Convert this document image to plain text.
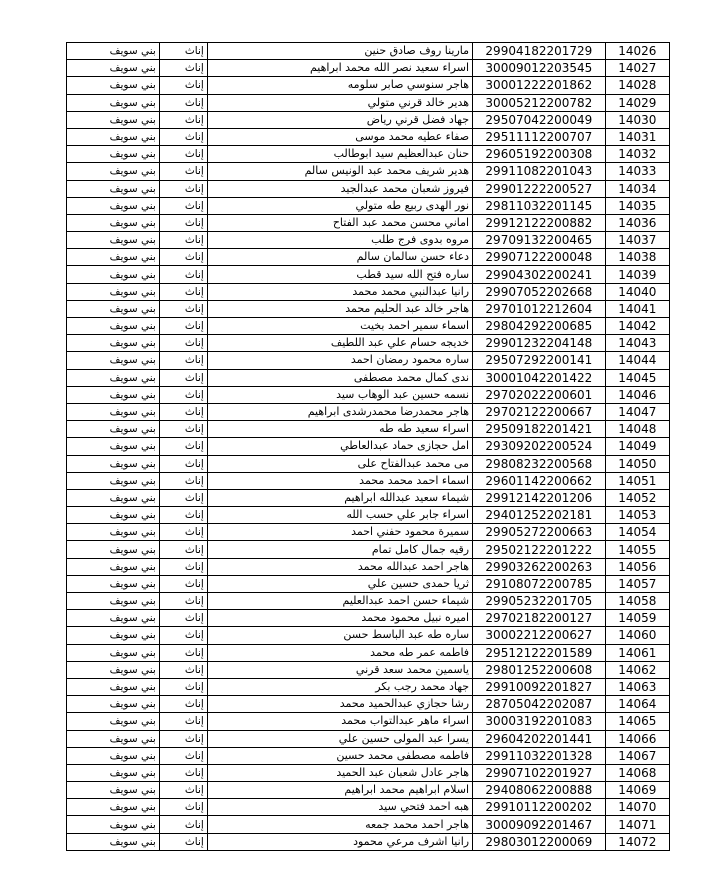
بني سويف	إناث	مارينا روف صادق حنين	29904182201729	14026
بني سويف	إناث	اسراء سعيد نصر الله محمد ابراهيم	30009012203545	14027
بني سويف	إناث	هاجر سنوسي صابر سلومه	30001222201862	14028
بني سويف	إناث	هدير خالد قرني متولي	30005212200782	14029
بني سويف	إناث	جهاد فضل قرني رياض	29507042200049	14030
بني سويف	إناث	صفاء عطيه محمد موسى	29511112200707	14031
بني سويف	إناث	حنان عبدالعظيم سيد ابوطالب	29605192200308	14032
بني سويف	إناث	هدير شريف محمد عبد الونيس سالم	29911082201043	14033
بني سويف	إناث	فيروز شعبان محمد عبدالجيد	29901222200527	14034
بني سويف	إناث	نور الهدى ربيع طه متولي	29811032201145	14035
بني سويف	إناث	اماني محسن محمد عبد الفتاح	29912122200882	14036
بني سويف	إناث	مروه بدوى فرج طلب	29709132200465	14037
بني سويف	إناث	دعاء حسن سالمان سالم	29907122200048	14038
بني سويف	إناث	ساره فتح الله سيد قطب	29904302200241	14039
بني سويف	إناث	رانيا عبدالنبي محمد محمد	29907052202668	14040
بني سويف	إناث	هاجر خالد عبد الحليم محمد	29701012212604	14041
بني سويف	إناث	اسماء سمير احمد بخيت	29804292200685	14042
بني سويف	إناث	خديجه حسام علي عبد اللطيف	29901232204148	14043
بني سويف	إناث	ساره محمود رمضان احمد	29507292200141	14044
بني سويف	إناث	ندى كمال محمد مصطفى	30001042201422	14045
بني سويف	إناث	نسمه حسين عبد الوهاب سيد	29702022200601	14046
بني سويف	إناث	هاجر محمدرضا محمدرشدى ابراهيم	29702122200667	14047
بني سويف	إناث	اسراء سعيد طه طه	29509182201421	14048
بني سويف	إناث	امل حجازى حماد عبدالعاطي	29309202200524	14049
بني سويف	إناث	مى محمد عبدالفتاح على	29808232200568	14050
بني سويف	إناث	اسماء احمد محمد محمد	29601142200662	14051
بني سويف	إناث	شيماء سعيد عبدالله ابراهيم	29912142201206	14052
بني سويف	إناث	اسراء جابر علي حسب الله	29401252202181	14053
بني سويف	إناث	سميرة محمود حفني احمد	29905272200663	14054
بني سويف	إناث	رقيه جمال كامل تمام	29502122201222	14055
بني سويف	إناث	هاجر احمد عبدالله محمد	29903262200263	14056
بني سويف	إناث	ثريا حمدى حسين علي	29108072200785	14057
بني سويف	إناث	شيماء حسن احمد عبدالعليم	29905232201705	14058
بني سويف	إناث	اميره نبيل محمود محمد	29702182200127	14059
بني سويف	إناث	ساره طه عبد الباسط حسن	30002212200627	14060
بني سويف	إناث	فاطمه عمر طه محمد	29512122201589	14061
بني سويف	إناث	ياسمين محمد سعد قرني	29801252200608	14062
بني سويف	إناث	جهاد محمد رجب بكر	29910092201827	14063
بني سويف	إناث	رشا حجازي عبدالحميد محمد	28705042202087	14064
بني سويف	إناث	اسراء ماهر عبدالتواب محمد	30003192201083	14065
بني سويف	إناث	يسرا عبد المولى حسين علي	29604202201441	14066
بني سويف	إناث	فاطمه مصطفى محمد حسين	29911032201328	14067
بني سويف	إناث	هاجر عادل شعبان عبد الحميد	29907102201927	14068
بني سويف	إناث	اسلام ابراهيم محمد ابراهيم	29408062200888	14069
بني سويف	إناث	هبه احمد فتحي سيد	29910112200202	14070
بني سويف	إناث	هاجر احمد محمد جمعه	30009092201467	14071
بني سويف	إناث	رانيا اشرف مرعي محمود	29803012200069	14072
